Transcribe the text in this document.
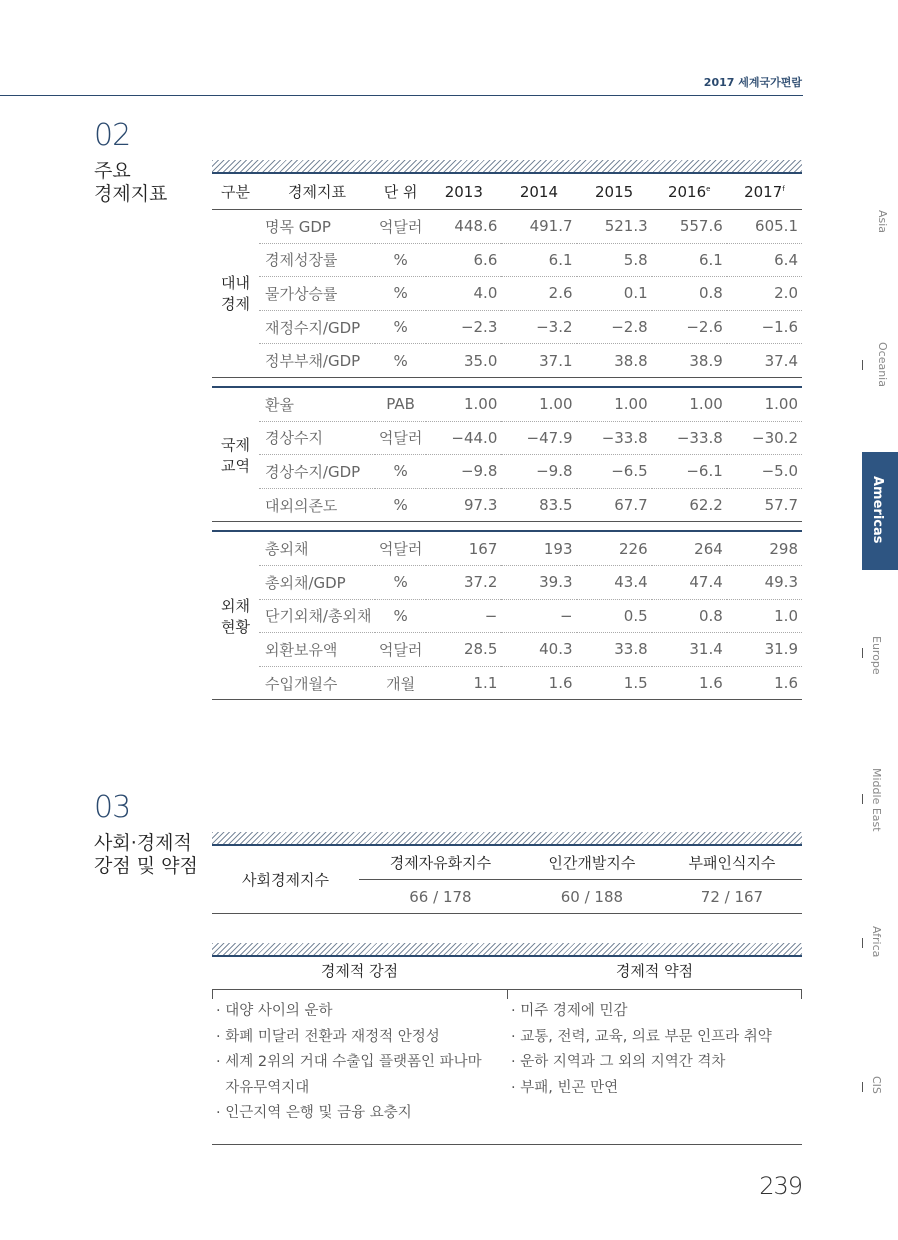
2017 세계국가편람
02
주요
경제지표	구분	경제지표	단 위	2013	2014	2015	2016e	2017$^f$

대내
경제	명목 GDP	억달러	448.6	491.7	521.3	557.6	605.1
	경제성장률	%	6.6	6.1	5.8	6.1	6.4
	물가상승률	%	4.0	2.6	0.1	0.8	2.0
	재정수지/GDP	%	−2.3	−3.2	−2.8	−2.6	−1.6
	정부부채/GDP	%	35.0	37.1	38.8	38.9	37.4

국제
교역	환율	PAB	1.00	1.00	1.00	1.00	1.00
	경상수지	억달러	−44.0	−47.9	−33.8	−33.8	−30.2
	경상수지/GDP	%	−9.8	−9.8	−6.5	−6.1	−5.0
	대외의존도	%	97.3	83.5	67.7	62.2	57.7

외채
현황	총외채	억달러	167	193	226	264	298
	총외채/GDP	%	37.2	39.3	43.4	47.4	49.3
	단기외채/총외채	%	−	−	0.5	0.8	1.0
	외환보유액	억달러	28.5	40.3	33.8	31.4	31.9
	수입개월수	개월	1.1	1.6	1.5	1.6	1.6
03
사회·경제적
강점 및 약점
사회경제지수	경제자유화지수	인간개발지수	부패인식지수
	66 / 178	60 / 188	72 / 167
경제적 강점	경제적 약점
· 대양 사이의 운하
· 화폐 미달러 전환과 재정적 안정성
· 세계 2위의 거대 수출입 플랫폼인 파나마
자유무역지대
· 인근지역 은행 및 금융 요충지
· 미주 경제에 민감
· 교통, 전력, 교육, 의료 부문 인프라 취약
· 운하 지역과 그 외의 지역간 격차
· 부패, 빈곤 만연
Asia
Oceania
Americas
Europe
Middle East
Africa
CIS
239
